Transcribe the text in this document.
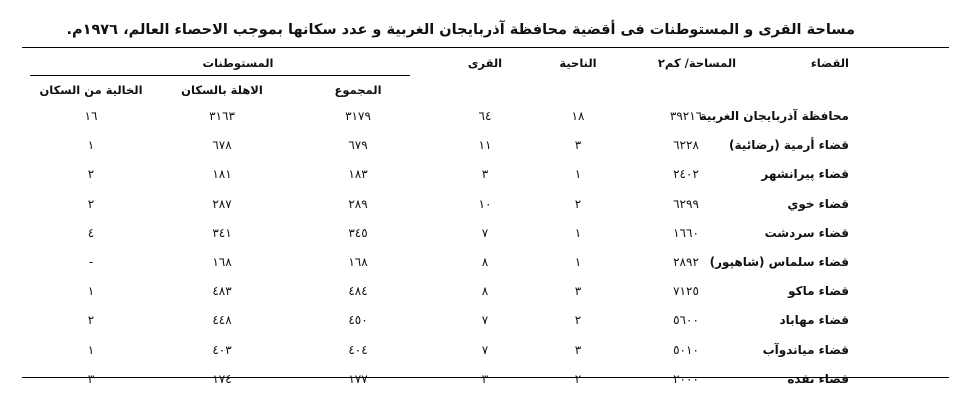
مساحة القرى و المستوطنات فى أقضية محافظة آذربايجان الغربية و عدد سكانها بموجب الاحصاء العالم، ١٩٧٦م.
القضاء
المساحة/ كم٢
الناحية
القرى
المستوطنات
المجموع
الاهلة بالسكان
الخالية من السكان
محافظة آذربايجان الغربية
٣٩٢١٦
١٨
٦٤
٣١٧٩
٣١٦٣
١٦
قضاء أرمية (رضائية)
٦٢٢٨
٣
١١
٦٧٩
٦٧٨
١
قضاء پيرانشهر
٢٤٠٢
١
٣
١٨٣
١٨١
٢
قضاء خوي
٦٢٩٩
٢
١٠
٢٨٩
٢٨٧
٢
قضاء سردشت
١٦٦٠
١
٧
٣٤٥
٣٤١
٤
قضاء سلماس (شاهپور)
٢٨٩٢
١
٨
١٦٨
١٦٨
-
قضاء ماكو
٧١٢٥
٣
٨
٤٨٤
٤٨٣
١
قضاء مهاباد
٥٦٠٠
٢
٧
٤٥٠
٤٤٨
٢
قضاء مياندوآب
٥٠١٠
٣
٧
٤٠٤
٤٠٣
١
قضاء نقده
٢٠٠٠
٢
٣
١٧٧
١٧٤
٣
